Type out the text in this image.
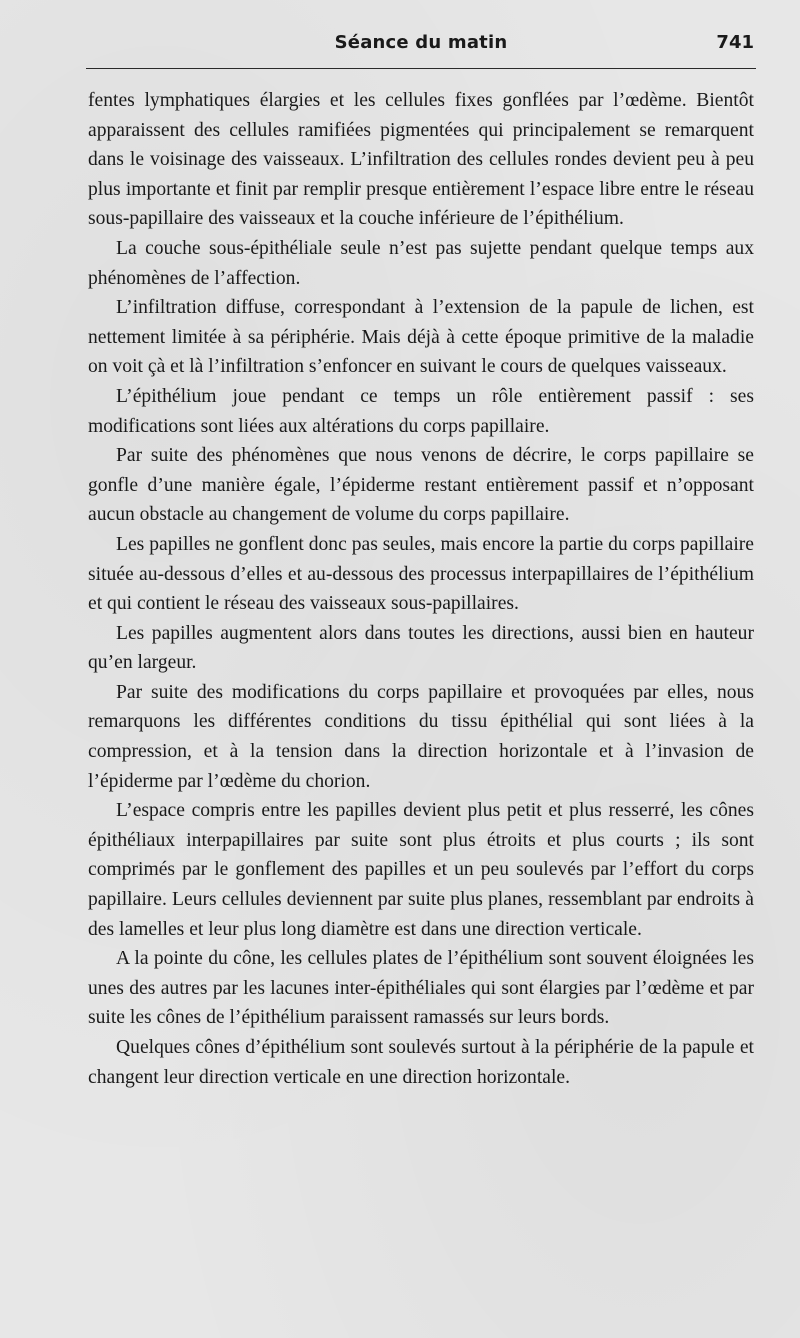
Séance du matin	741

fentes lymphatiques élargies et les cellules fixes gonflées par l’œdème. Bientôt apparaissent des cellules ramifiées pigmentées qui principalement se remarquent dans le voisinage des vaisseaux. L’infiltration des cellules rondes devient peu à peu plus importante et finit par remplir presque entièrement l’espace libre entre le réseau sous-papillaire des vaisseaux et la couche inférieure de l’épithélium.

La couche sous-épithéliale seule n’est pas sujette pendant quelque temps aux phénomènes de l’affection.

L’infiltration diffuse, correspondant à l’extension de la papule de lichen, est nettement limitée à sa périphérie. Mais déjà à cette époque primitive de la maladie on voit çà et là l’infiltration s’enfoncer en suivant le cours de quelques vaisseaux.

L’épithélium joue pendant ce temps un rôle entièrement passif : ses modifications sont liées aux altérations du corps papillaire.

Par suite des phénomènes que nous venons de décrire, le corps papillaire se gonfle d’une manière égale, l’épiderme restant entièrement passif et n’opposant aucun obstacle au changement de volume du corps papillaire.

Les papilles ne gonflent donc pas seules, mais encore la partie du corps papillaire située au-dessous d’elles et au-dessous des processus interpapillaires de l’épithélium et qui contient le réseau des vaisseaux sous-papillaires.

Les papilles augmentent alors dans toutes les directions, aussi bien en hauteur qu’en largeur.

Par suite des modifications du corps papillaire et provoquées par elles, nous remarquons les différentes conditions du tissu épithélial qui sont liées à la compression, et à la tension dans la direction horizontale et à l’invasion de l’épiderme par l’œdème du chorion.

L’espace compris entre les papilles devient plus petit et plus resserré, les cônes épithéliaux interpapillaires par suite sont plus étroits et plus courts ; ils sont comprimés par le gonflement des papilles et un peu soulevés par l’effort du corps papillaire. Leurs cellules deviennent par suite plus planes, ressemblant par endroits à des lamelles et leur plus long diamètre est dans une direction verticale.

A la pointe du cône, les cellules plates de l’épithélium sont souvent éloignées les unes des autres par les lacunes inter-épithéliales qui sont élargies par l’œdème et par suite les cônes de l’épithélium paraissent ramassés sur leurs bords.

Quelques cônes d’épithélium sont soulevés surtout à la périphérie de la papule et changent leur direction verticale en une direction horizontale.
